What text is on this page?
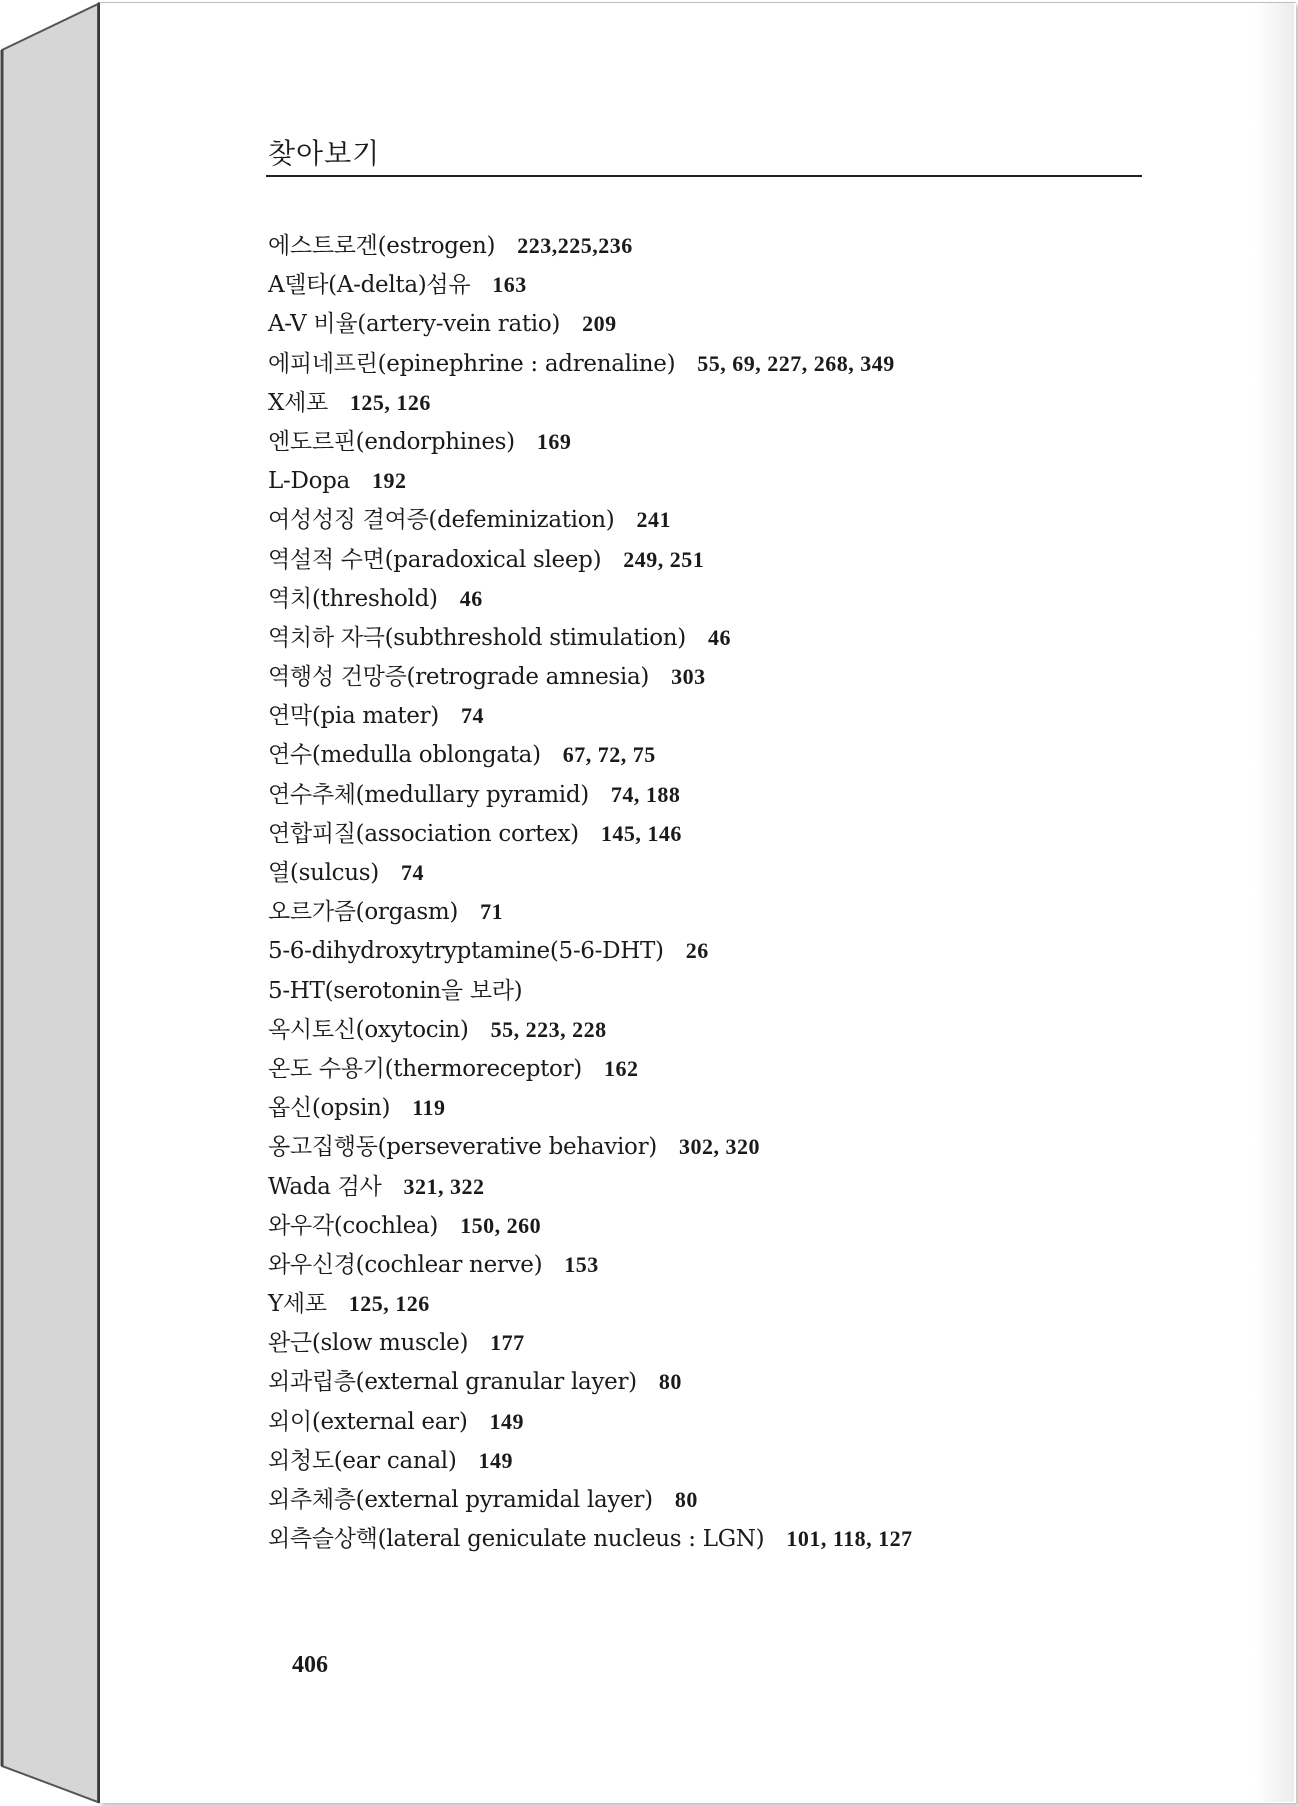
찾아보기
에스트로겐(estrogen) 223,225,236
A델타(A-delta)섬유 163
A-V 비율(artery-vein ratio) 209
에피네프린(epinephrine : adrenaline) 55, 69, 227, 268, 349
X세포 125, 126
엔도르핀(endorphines) 169
L-Dopa 192
여성성징 결여증(defeminization) 241
역설적 수면(paradoxical sleep) 249, 251
역치(threshold) 46
역치하 자극(subthreshold stimulation) 46
역행성 건망증(retrograde amnesia) 303
연막(pia mater) 74
연수(medulla oblongata) 67, 72, 75
연수추체(medullary pyramid) 74, 188
연합피질(association cortex) 145, 146
열(sulcus) 74
오르가즘(orgasm) 71
5-6-dihydroxytryptamine(5-6-DHT) 26
5-HT(serotonin을 보라)
옥시토신(oxytocin) 55, 223, 228
온도 수용기(thermoreceptor) 162
옵신(opsin) 119
옹고집행동(perseverative behavior) 302, 320
Wada 검사 321, 322
와우각(cochlea) 150, 260
와우신경(cochlear nerve) 153
Y세포 125, 126
완근(slow muscle) 177
외과립층(external granular layer) 80
외이(external ear) 149
외청도(ear canal) 149
외추체층(external pyramidal layer) 80
외측슬상핵(lateral geniculate nucleus : LGN) 101, 118, 127
406
